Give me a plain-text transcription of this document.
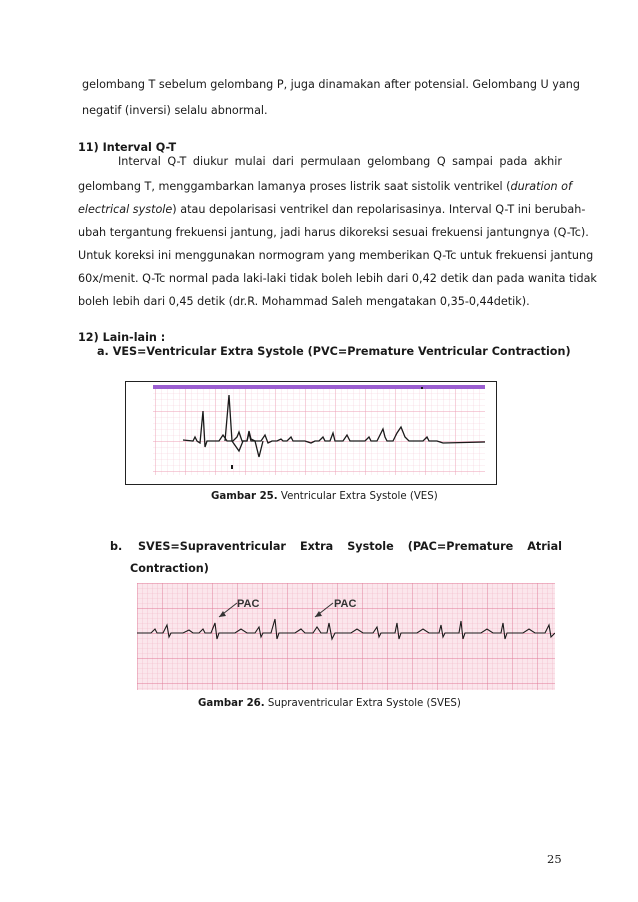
gelombang T sebelum gelombang P, juga dinamakan after potensial. Gelombang U yang
negatif (inversi) selalu abnormal.
11) Interval Q-T
Interval Q-T diukur mulai dari permulaan gelombang Q sampai pada akhir
gelombang T, menggambarkan lamanya proses listrik saat sistolik ventrikel (duration of
electrical systole) atau depolarisasi ventrikel dan repolarisasinya. Interval Q-T ini berubah-
ubah tergantung frekuensi jantung, jadi harus dikoreksi sesuai frekuensi jantungnya (Q-Tc).
Untuk koreksi ini menggunakan normogram yang memberikan Q-Tc untuk frekuensi jantung
60x/menit. Q-Tc normal pada laki-laki tidak boleh lebih dari 0,42 detik dan pada wanita tidak
boleh lebih dari 0,45 detik (dr.R. Mohammad Saleh mengatakan 0,35-0,44detik).
12) Lain-lain :
a. VES=Ventricular Extra Systole (PVC=Premature Ventricular Contraction)
Gambar 25. Ventricular Extra Systole (VES)
b. SVES=Supraventricular Extra Systole (PAC=Premature Atrial
Contraction)
PAC	PAC
Gambar 26. Supraventricular Extra Systole (SVES)
25
